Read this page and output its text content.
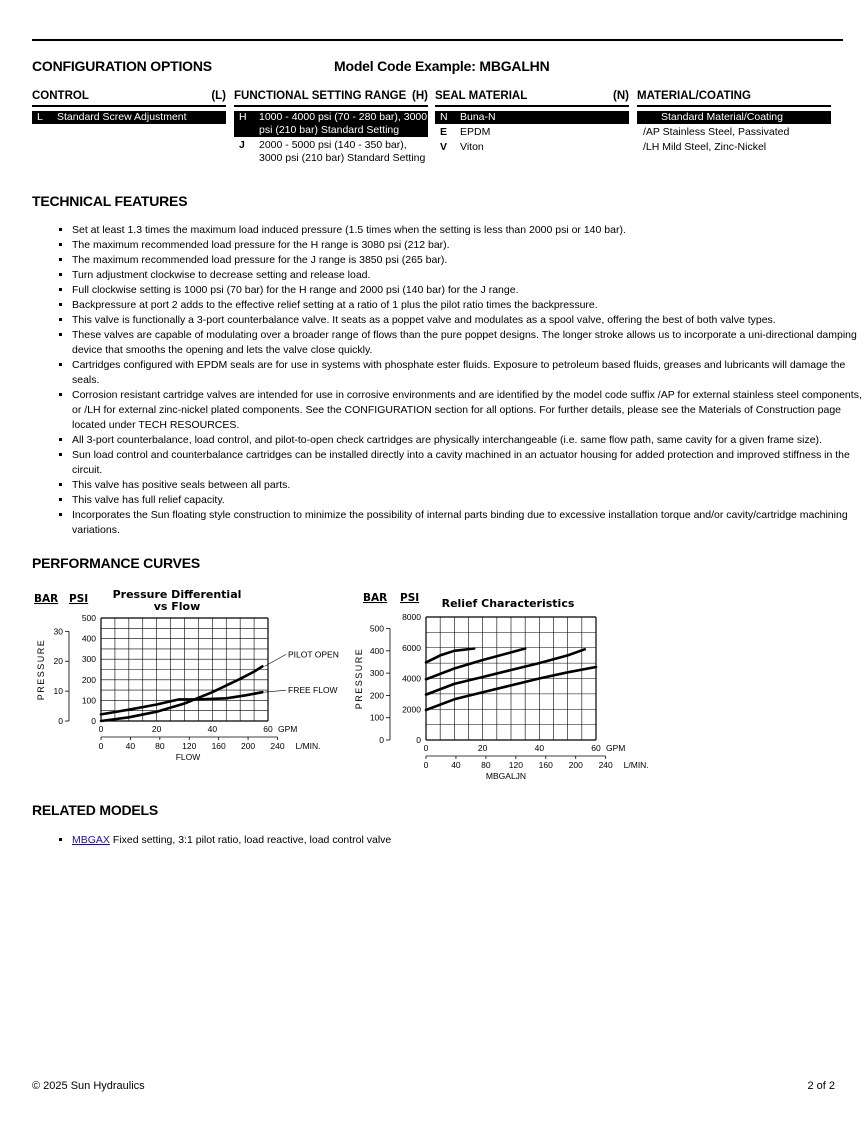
CONFIGURATION OPTIONS	Model Code Example: MBGALHN
CONTROL	(L)
L	Standard Screw Adjustment
FUNCTIONAL SETTING RANGE (H)
H	1000 - 4000 psi (70 - 280 bar), 3000 psi (210 bar) Standard Setting
J	2000 - 5000 psi (140 - 350 bar), 3000 psi (210 bar) Standard Setting
SEAL MATERIAL	(N)
N	Buna-N
E	EPDM
V	Viton
MATERIAL/COATING
Standard Material/Coating
/AP Stainless Steel, Passivated
/LH Mild Steel, Zinc-Nickel
TECHNICAL FEATURES
▪ Set at least 1.3 times the maximum load induced pressure (1.5 times when the setting is less than 2000 psi or 140 bar).
▪ The maximum recommended load pressure for the H range is 3080 psi (212 bar).
▪ The maximum recommended load pressure for the J range is 3850 psi (265 bar).
▪ Turn adjustment clockwise to decrease setting and release load.
▪ Full clockwise setting is 1000 psi (70 bar) for the H range and 2000 psi (140 bar) for the J range.
▪ Backpressure at port 2 adds to the effective relief setting at a ratio of 1 plus the pilot ratio times the backpressure.
▪ This valve is functionally a 3-port counterbalance valve. It seats as a poppet valve and modulates as a spool valve, offering the best of both valve types.
▪ These valves are capable of modulating over a broader range of flows than the pure poppet designs. The longer stroke allows us to incorporate a uni-directional damping device that smooths the opening and lets the valve close quickly.
▪ Cartridges configured with EPDM seals are for use in systems with phosphate ester fluids. Exposure to petroleum based fluids, greases and lubricants will damage the seals.
▪ Corrosion resistant cartridge valves are intended for use in corrosive environments and are identified by the model code suffix /AP for external stainless steel components, or /LH for external zinc-nickel plated components. See the CONFIGURATION section for all options. For further details, please see the Materials of Construction page located under TECH RESOURCES.
▪ All 3-port counterbalance, load control, and pilot-to-open check cartridges are physically interchangeable (i.e. same flow path, same cavity for a given frame size).
▪ Sun load control and counterbalance cartridges can be installed directly into a cavity machined in an actuator housing for added protection and improved stiffness in the circuit.
▪ This valve has positive seals between all parts.
▪ This valve has full relief capacity.
▪ Incorporates the Sun floating style construction to minimize the possibility of internal parts binding due to excessive installation torque and/or cavity/cartridge machining variations.
PERFORMANCE CURVES
BAR PSI Pressure Differential
vs Flow
0
100
200
300
400
500
0
10
20
30
PRESSURE
0	20	40	60 GPM
0	40 80 120 160 200 240 L/MIN.
FLOW
PILOT OPEN
FREE FLOW
BAR PSI Relief Characteristics
0
2000
4000
6000
8000
0
100
200
300
400
500
PRESSURE
0	20	40	60 GPM
0	40 80 120 160 200 240 L/MIN.
MBGALJN
RELATED MODELS
▪ MBGAX Fixed setting, 3:1 pilot ratio, load reactive, load control valve
© 2025 Sun Hydraulics	2 of 2
